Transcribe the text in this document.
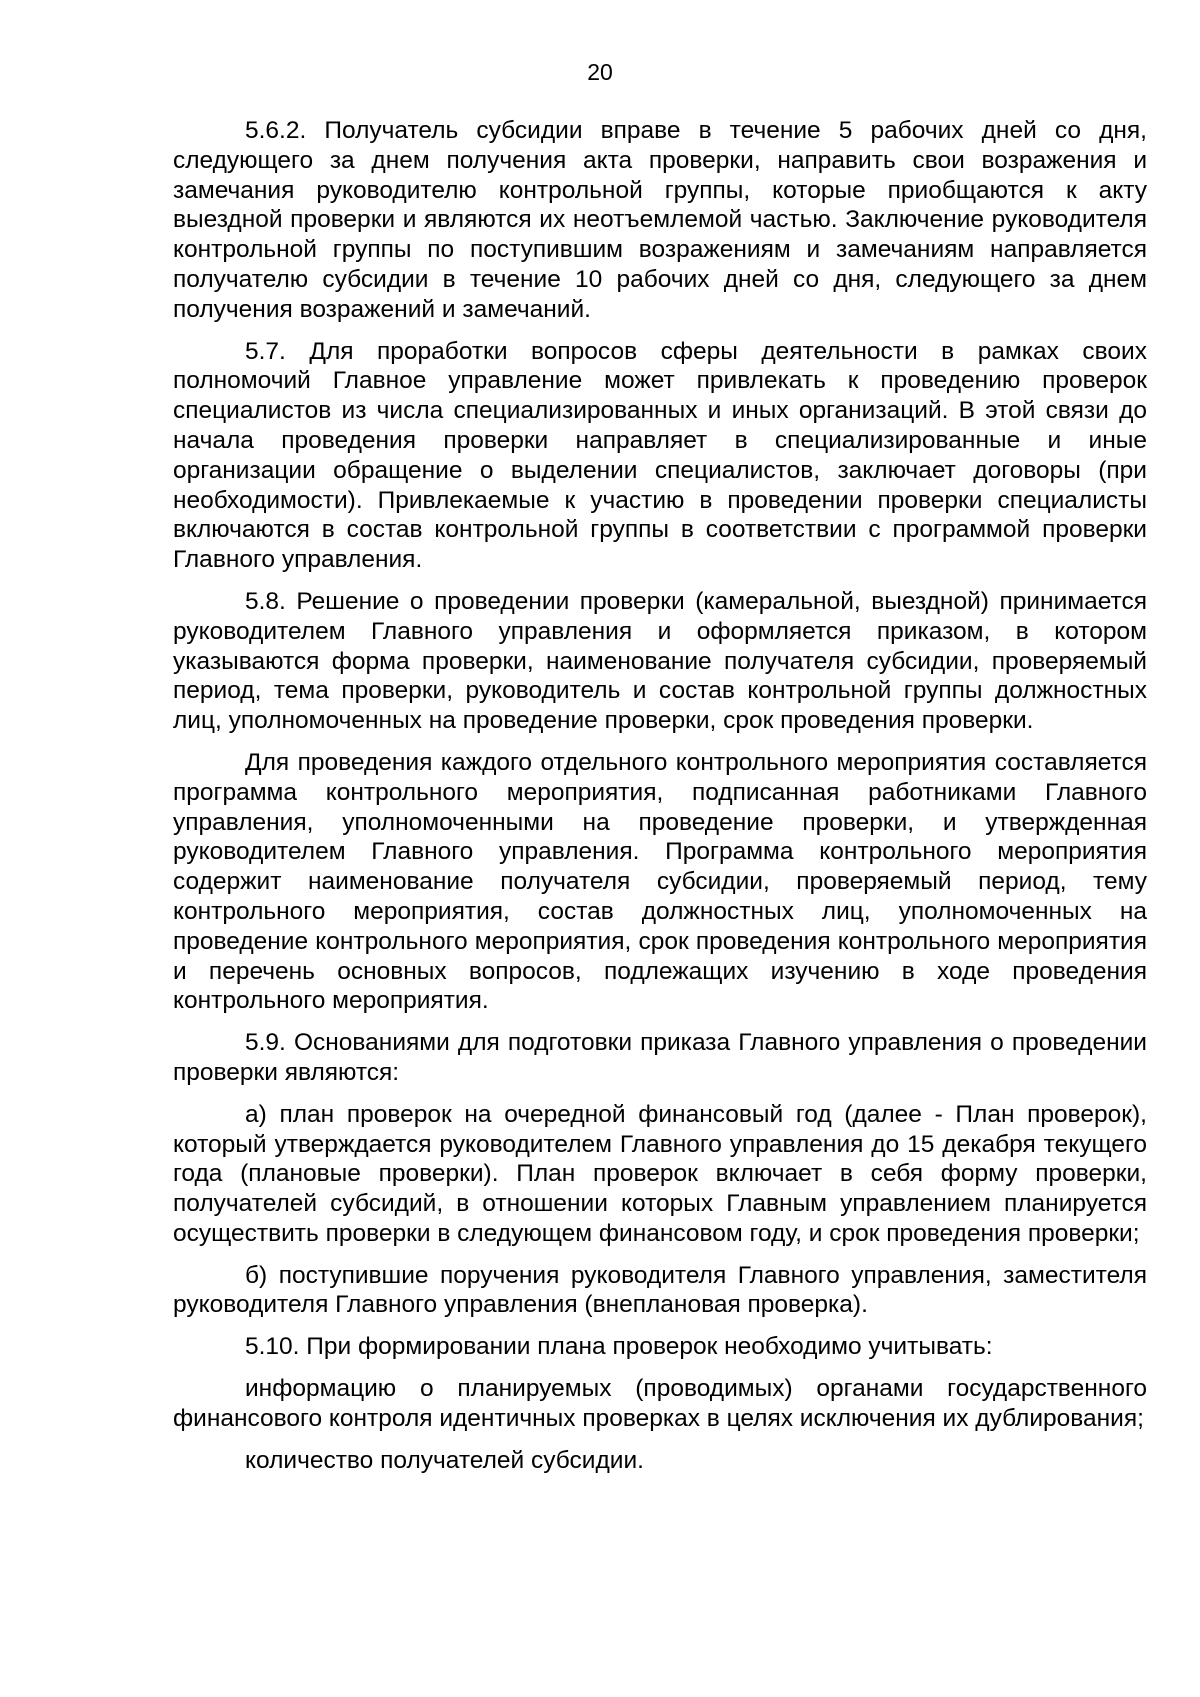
20

5.6.2. Получатель субсидии вправе в течение 5 рабочих дней со дня, следующего за днем получения акта проверки, направить свои возражения и замечания руководителю контрольной группы, которые приобщаются к акту выездной проверки и являются их неотъемлемой частью. Заключение руководителя контрольной группы по поступившим возражениям и замечаниям направляется получателю субсидии в течение 10 рабочих дней со дня, следующего за днем получения возражений и замечаний.

5.7. Для проработки вопросов сферы деятельности в рамках своих полномочий Главное управление может привлекать к проведению проверок специалистов из числа специализированных и иных организаций. В этой связи до начала проведения проверки направляет в специализированные и иные организации обращение о выделении специалистов, заключает договоры (при необходимости). Привлекаемые к участию в проведении проверки специалисты включаются в состав контрольной группы в соответствии с программой проверки Главного управления.

5.8. Решение о проведении проверки (камеральной, выездной) принимается руководителем Главного управления и оформляется приказом, в котором указываются форма проверки, наименование получателя субсидии, проверяемый период, тема проверки, руководитель и состав контрольной группы должностных лиц, уполномоченных на проведение проверки, срок проведения проверки.

Для проведения каждого отдельного контрольного мероприятия составляется программа контрольного мероприятия, подписанная работниками Главного управления, уполномоченными на проведение проверки, и утвержденная руководителем Главного управления. Программа контрольного мероприятия содержит наименование получателя субсидии, проверяемый период, тему контрольного мероприятия, состав должностных лиц, уполномоченных на проведение контрольного мероприятия, срок проведения контрольного мероприятия и перечень основных вопросов, подлежащих изучению в ходе проведения контрольного мероприятия.

5.9. Основаниями для подготовки приказа Главного управления о проведении проверки являются:

а) план проверок на очередной финансовый год (далее - План проверок), который утверждается руководителем Главного управления до 15 декабря текущего года (плановые проверки). План проверок включает в себя форму проверки, получателей субсидий, в отношении которых Главным управлением планируется осуществить проверки в следующем финансовом году, и срок проведения проверки;

б) поступившие поручения руководителя Главного управления, заместителя руководителя Главного управления (внеплановая проверка).

5.10. При формировании плана проверок необходимо учитывать:

информацию о планируемых (проводимых) органами государственного финансового контроля идентичных проверках в целях исключения их дублирования;

количество получателей субсидии.
